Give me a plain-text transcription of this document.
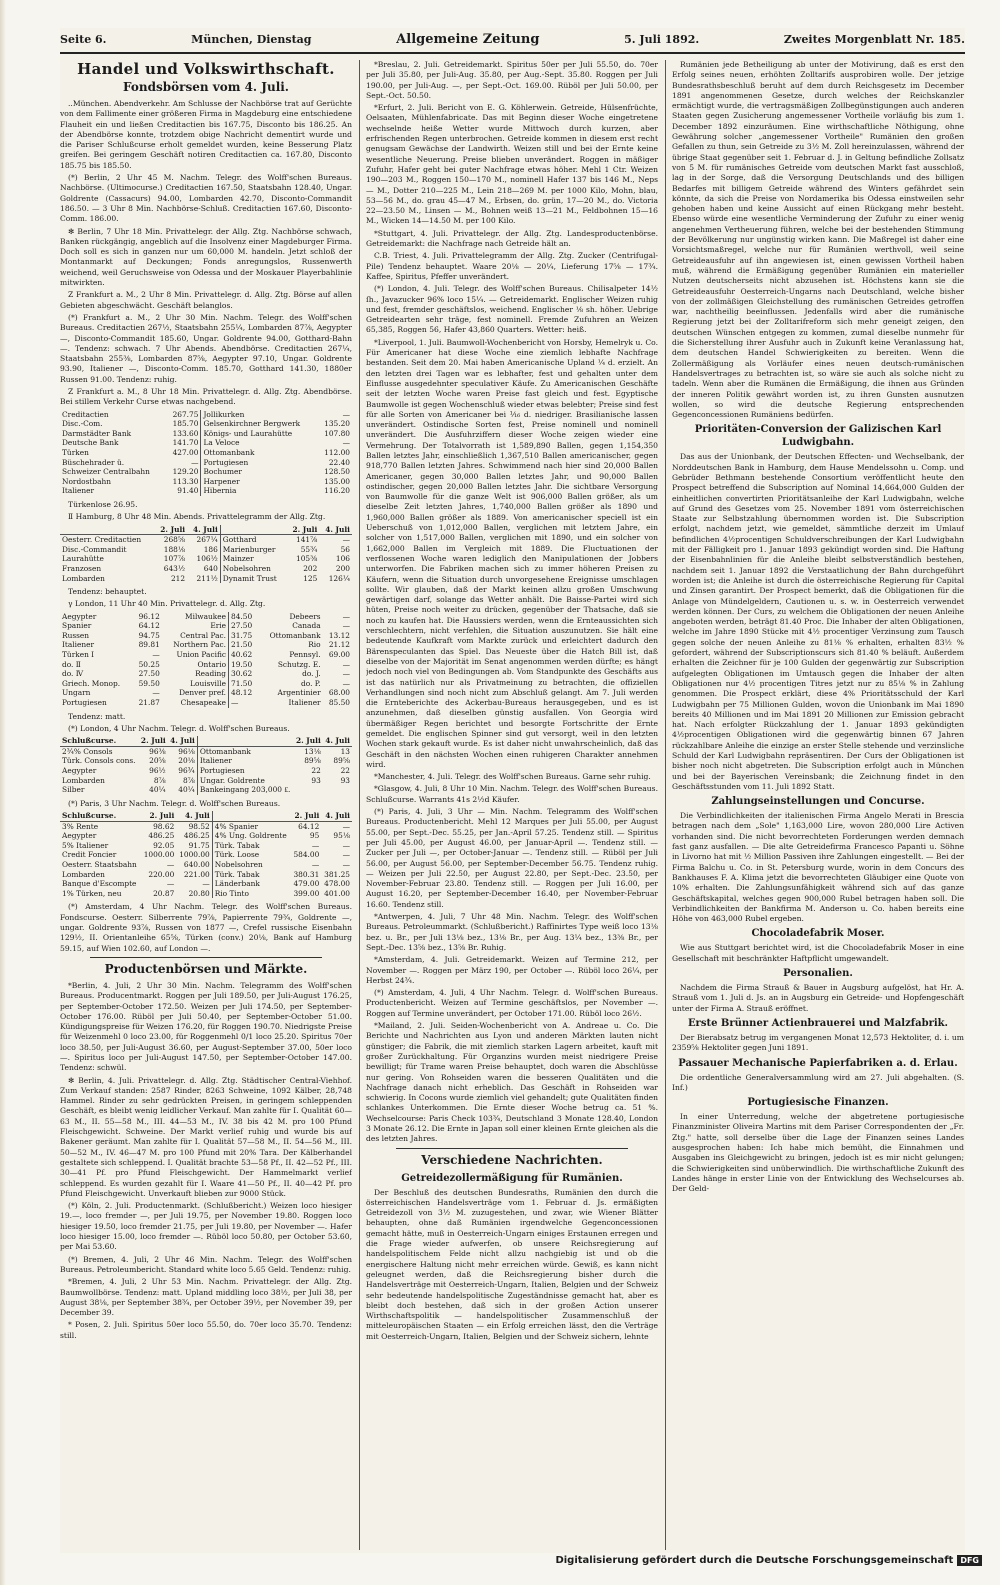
Seite 6.	München, Dienstag	Allgemeine Zeitung	5. Juli 1892.	Zweites Morgenblatt Nr. 185.
Handel und Volkswirthschaft.
Fondsbörsen vom 4. Juli.

..München. Abendverkehr. Am Schlusse der Nachbörse trat auf Gerüchte von dem Fallimente einer größeren Firma in Magdeburg eine entschiedene Flauheit ein und ließen Creditactien bis 167.75, Disconto bis 186.25. An der Abendbörse konnte, trotzdem obige Nachricht dementirt wurde und die Pariser Schlußcurse erholt gemeldet wurden, keine Besserung Platz greifen. Bei geringem Geschäft notiren Creditactien ca. 167.80, Disconto 185.75 bis 185.50.

(*) Berlin, 2 Uhr 45 M. Nachm. Telegr. des Wolff'schen Bureaus. Nachbörse. (Ultimocurse.) Creditactien 167.50, Staatsbahn 128.40, Ungar. Goldrente (Cassacurs) 94.00, Lombarden 42.70, Disconto-Commandit 186.50. — 3 Uhr 8 Min. Nachbörse-Schluß. Creditactien 167.60, Disconto-Comm. 186.00.

✻ Berlin, 7 Uhr 18 Min. Privattelegr. der Allg. Ztg. Nachbörse schwach, Banken rückgängig, angeblich auf die Insolvenz einer Magdeburger Firma. Doch soll es sich in ganzen nur um 60,000 M. handeln. Jetzt schloß der Montanmarkt auf Deckungen; Fonds anregungslos, Russenwerth weichend, weil Geruchsweise von Odessa und der Moskauer Playerbahlinie mitwirkten.

Z Frankfurt a. M., 2 Uhr 8 Min. Privattelegr. d. Allg. Ztg. Börse auf allen Gebieten abgeschwächt. Geschäft belanglos.

(*) Frankfurt a. M., 2 Uhr 30 Min. Nachm. Telegr. des Wolff'schen Bureaus. Creditactien 267½, Staatsbahn 255¼, Lombarden 87⅞, Aegypter —, Disconto-Commandit 185.60, Ungar. Goldrente 94.00, Gotthard-Bahn —. Tendenz: schwach. 7 Uhr Abends. Abendbörse. Creditactien 267¼, Staatsbahn 255⅜, Lombarden 87⅝, Aegypter 97.10, Ungar. Goldrente 93.90, Italiener —, Disconto-Comm. 185.70, Gotthard 141.30, 1880er Russen 91.00. Tendenz: ruhig.

Z Frankfurt a. M., 8 Uhr 18 Min. Privattelegr. d. Allg. Ztg. Abendbörse. Bei stillem Verkehr Curse etwas nachgebend.

Creditactien	267.75	Jollikurken	—
Disc.-Com.	185.70	Gelsenkirchner Bergwerk	135.20
Darmstädter Bank	133.60	Königs- und Laurahütte	107.80
Deutsche Bank	141.70	La Veloce	—
Türken	427.00	Ottomanbank	112.00
Büschehrader ü.	—	Portugiesen	22.40
Schweizer Centralbahn	129.20	Bochumer	128.50
Nordostbahn	113.30	Harpener	135.00
Italiener	91.40	Hibernia	116.20

Türkenlose 26.95.

Ⅱ Hamburg, 8 Uhr 48 Min. Abends. Privattelegramm der Allg. Ztg.

	2. Juli	4. Juli		2. Juli	4. Juli
Oesterr. Creditactien	268⅝	267¼	Gotthard	141⅞	—
Disc.-Commandit	188⅛	186	Marienburger	55¾	56
Laurahütte	107⅞	106½	Mainzer	105⅜	106
Franzosen	643½	640	Nobelsohren	202	200
Lombarden	212	211½	Dynamit Trust	125	126¼

Tendenz: behauptet.

γ London, 11 Uhr 40 Min. Privattelegr. d. Allg. Ztg.

Aegypter	96.12	Milwaukee	84.50	Debeers	—
Spanier	64.12	Erie	27.50	Canada	—
Russen	94.75	Central Pac.	31.75	Ottomanbank	13.12
Italiener	89.81	Northern Pac.	21.50	Rio	21.12
Türken Ⅰ	—	Union Pacific	40.62	Pennsyl.	69.00
do. Ⅱ	50.25	Ontario	19.50	Schutzg. E.	—
do. Ⅳ	27.50	Reading	30.62	do. J.	—
Griech. Monop.	59.50	Louisville	71.50	do. P.	—
Ungarn	—	Denver pref.	48.12	Argentinier	68.00
Portugiesen	21.87	Chesapeake	—	Italiener	85.50

Tendenz: matt.

(*) London, 4 Uhr Nachm. Telegr. d. Wolff'schen Bureaus.

Schlußcurse.	2. Juli	4. Juli		2. Juli	4. Juli
2¾% Consols	96⅜	96⅛	Ottomanbank	13⅛	13
Türk. Consols cons.	20⅝	20⅛	Italiener	89⅝	89⅝
Aegypter	96½	96¾	Portugiesen	22	22
Lombarden	8⅞	8⅞	Ungar. Goldrente	93	93
Silber	40¼	40¼	Bankeingang 203,000 ₤.		

(*) Paris, 3 Uhr Nachm. Telegr. d. Wolff'schen Bureaus.

Schlußcurse.	2. Juli	4. Juli		2. Juli	4. Juli
3% Rente	98.62	98.52	4% Spanier	64.12	—
Aegypter	486.25	486.25	4% Ung. Goldrente	95	95⅛
5% Italiener	92.05	91.75	Türk. Tabak	—	—
Credit Foncier	1000.00	1000.00	Türk. Loose	584.00	—
Oesterr. Staatsbahn	—	640.00	Nobelsohren	—	—
Lombarden	220.00	221.00	Türk. Tabak	380.31	381.25
Banque d'Escompte	—	—	Länderbank	479.00	478.00
1% Türken, neu	20.87	20.80	Rio Tinto	399.00	401.00

(*) Amsterdam, 4 Uhr Nachm. Telegr. des Wolff'schen Bureaus. Fondscurse. Oesterr. Silberrente 79⅞, Papierrente 79¾, Goldrente —, ungar. Goldrente 93⅞, Russen von 1877 —, Crefel russische Eisenbahn 129½, II. Orientanleihe 65⅝, Türken (conv.) 20⅛, Bank auf Hamburg 59.15, auf Wien 102.60, auf London —.

Productenbörsen und Märkte.

*Berlin, 4. Juli, 2 Uhr 30 Min. Nachm. Telegramm des Wolff'schen Bureaus. Producentmarkt. Roggen per Juli 189.50, per Juli-August 176.25, per September-October 172.50. Weizen per Juli 174.50, per September-October 176.00. Rüböl per Juli 50.40, per September-October 51.00. Kündigungspreise für Weizen 176.20, für Roggen 190.70. Niedrigste Preise für Weizenmehl 0 loco 23.00, für Roggenmehl 0/1 loco 25.20. Spiritus 70er loco 38.50, per Juli-August 36.60, per August-September 37.00, 50er loco —. Spiritus loco per Juli-August 147.50, per September-October 147.00. Tendenz: schwül.

✻ Berlin, 4. Juli. Privattelegr. d. Allg. Ztg. Städtischer Central-Viehhof. Zum Verkauf standen: 2587 Rinder, 8263 Schweine, 1092 Kälber, 28,748 Hammel. Rinder zu sehr gedrückten Preisen, in geringem schleppenden Geschäft, es bleibt wenig leidlicher Verkauf. Man zahlte für I. Qualität 60—63 M., II. 55—58 M., III. 44—53 M., IV. 38 bis 42 M. pro 100 Pfund Fleischgewicht. Schweine. Der Markt verlief ruhig und wurde bis auf Bakener geräumt. Man zahlte für I. Qualität 57—58 M., II. 54—56 M., III. 50—52 M., IV. 46—47 M. pro 100 Pfund mit 20% Tara. Der Kälberhandel gestaltete sich schleppend. I. Qualität brachte 53—58 Pf., II. 42—52 Pf., III. 30—41 Pf. pro Pfund Fleischgewicht. Der Hammelmarkt verlief schleppend. Es wurden gezahlt für I. Waare 41—50 Pf., II. 40—42 Pf. pro Pfund Fleischgewicht. Unverkauft blieben zur 9000 Stück.

(*) Köln, 2. Juli. Productenmarkt. (Schlußbericht.) Weizen loco hiesiger 19.—, loco fremder —, per Juli 19.75, per November 19.80. Roggen loco hiesiger 19.50, loco fremder 21.75, per Juli 19.80, per November —. Hafer loco hiesiger 15.00, loco fremder —. Rüböl loco 50.80, per October 53.60, per Mai 53.60.

(*) Bremen, 4. Juli, 2 Uhr 46 Min. Nachm. Telegr. des Wolff'schen Bureaus. Petroleumbericht. Standard white loco 5.65 Geld. Tendenz: ruhig.

*Bremen, 4. Juli, 2 Uhr 53 Min. Nachm. Privattelegr. der Allg. Ztg. Baumwollbörse. Tendenz: matt. Upland middling loco 38½, per Juli 38, per August 38⅛, per September 38¾, per October 39½, per November 39, per December 39.

* Posen, 2. Juli. Spiritus 50er loco 55.50, do. 70er loco 35.70. Tendenz: still.

*Breslau, 2. Juli. Getreidemarkt. Spiritus 50er per Juli 55.50, do. 70er per Juli 35.80, per Juli-Aug. 35.80, per Aug.-Sept. 35.80. Roggen per Juli 190.00, per Juli-Aug. —, per Sept.-Oct. 169.00. Rüböl per Juli 50.00, per Sept.-Oct. 50.50.

*Erfurt, 2. Juli. Bericht von E. G. Köhlerwein. Getreide, Hülsenfrüchte, Oelsaaten, Mühlenfabricate. Das mit Beginn dieser Woche eingetretene wechselnde heiße Wetter wurde Mittwoch durch kurzen, aber erfrischenden Regen unterbrochen. Getreide kommen in diesem erst recht genugsam Gewächse der Landwirth. Weizen still und bei der Ernte keine wesentliche Neuerung. Preise blieben unverändert. Roggen in mäßiger Zufuhr, Hafer geht bei guter Nachfrage etwas höher. Mehl 1 Ctr. Weizen 190—203 M., Roggen 150—170 M., nominell Hafer 137 bis 146 M., Neps — M., Dotter 210—225 M., Lein 218—269 M. per 1000 Kilo, Mohn, blau, 53—56 M., do. grau 45—47 M., Erbsen, do. grün, 17—20 M., do. Victoria 22—23.50 M., Linsen — M., Bohnen weiß 13—21 M., Feldbohnen 15—16 M., Wicken 14—14.50 M. per 100 Kilo.

*Stuttgart, 4. Juli. Privattelegr. der Allg. Ztg. Landesproductenbörse. Getreidemarkt: die Nachfrage nach Getreide hält an.

C.B. Triest, 4. Juli. Privattelegramm der Allg. Ztg. Zucker (Centrifugal-Pile) Tendenz behauptet. Waare 20⅛ — 20¼, Lieferung 17⅝ — 17¾. Kaffee, Spiritus, Pfeffer unverändert.

(*) London, 4. Juli. Telegr. des Wolff'schen Bureaus. Chilisalpeter 14½ ſh., Javazucker 96% loco 15¼. — Getreidemarkt. Englischer Weizen ruhig und fest, fremder geschäftslos, weichend. Englischer ⅛ sh. höher. Uebrige Getreidearten sehr träge, fest nominell. Fremde Zufuhren an Weizen 65,385, Roggen 56, Hafer 43,860 Quarters. Wetter: heiß.

*Liverpool, 1. Juli. Baumwoll-Wochenbericht von Horsby, Hemelryk u. Co. Für Americaner hat diese Woche eine ziemlich lebhafte Nachfrage bestanden. Seit dem 20. Mai haben Americanische Upland ¼ d. erzielt. An den letzten drei Tagen war es lebhafter, fest und gehalten unter dem Einflusse ausgedehnter speculativer Käufe. Zu Americanischen Geschäfte seit der letzten Woche waren Preise fast gleich und fest. Egyptische Baumwolle ist gegen Wochenschluß wieder etwas belebter; Preise sind fest für alle Sorten von Americaner bei ¹⁄₁₆ d. niedriger. Brasilianische lassen unverändert. Ostindische Sorten fest, Preise nominell und nominell unverändert. Die Ausfuhrziffern dieser Woche zeigen wieder eine Vermehrung. Der Totalvorrath ist 1,589,890 Ballen, gegen 1,154,350 Ballen letztes Jahr, einschließlich 1,367,510 Ballen americanischer, gegen 918,770 Ballen letzten Jahres. Schwimmend nach hier sind 20,000 Ballen Americaner, gegen 30,000 Ballen letztes Jahr, und 90,000 Ballen ostindischer, gegen 20,000 Ballen letztes Jahr. Die sichtbare Versorgung von Baumwolle für die ganze Welt ist 906,000 Ballen größer, als um dieselbe Zeit letzten Jahres, 1,740,000 Ballen größer als 1890 und 1,960,000 Ballen größer als 1889. Von americanischer speciell ist ein Ueberschuß von 1,012,000 Ballen, verglichen mit letztem Jahre, ein solcher von 1,517,000 Ballen, verglichen mit 1890, und ein solcher von 1,662,000 Ballen im Vergleich mit 1889. Die Fluctuationen der verflossenen Woche waren lediglich den Manipulationen der Jobbers unterworfen. Die Fabriken machen sich zu immer höheren Preisen zu Käufern, wenn die Situation durch unvorgesehene Ereignisse umschlagen sollte. Wir glauben, daß der Markt keinen allzu großen Umschwung gewärtigen darf, solange das Wetter anhält. Die Baisse-Partei wird sich hüten, Preise noch weiter zu drücken, gegenüber der Thatsache, daß sie noch zu kaufen hat. Die Haussiers werden, wenn die Ernteaussichten sich verschlechtern, nicht verfehlen, die Situation auszunutzen. Sie hält eine bedeutende Kaufkraft vom Markte zurück und erleichtert dadurch den Bärenspeculanten das Spiel. Das Neueste über die Hatch Bill ist, daß dieselbe von der Majorität im Senat angenommen werden dürfte; es hängt jedoch noch viel von Bedingungen ab. Vom Standpunkte des Geschäfts aus ist das natürlich nur als Privatmeinung zu betrachten, die offiziellen Verhandlungen sind noch nicht zum Abschluß gelangt. Am 7. Juli werden die Ernteberichte des Ackerbau-Bureaus herausgegeben, und es ist anzunehmen, daß dieselben günstig ausfallen. Von Georgia wird übermäßiger Regen berichtet und besorgte Fortschritte der Ernte gemeldet. Die englischen Spinner sind gut versorgt, weil in den letzten Wochen stark gekauft wurde. Es ist daher nicht unwahrscheinlich, daß das Geschäft in den nächsten Wochen einen ruhigeren Charakter annehmen wird.

*Manchester, 4. Juli. Telegr. des Wolff'schen Bureaus. Garne sehr ruhig.

*Glasgow, 4. Juli, 8 Uhr 10 Min. Nachm. Telegr. des Wolff'schen Bureaus. Schlußcurse. Warrants 41s 2½d Käufer.

(*) Paris, 4. Juli, 3 Uhr — Min. Nachm. Telegramm des Wolff'schen Bureaus. Productenbericht. Mehl 12 Marques per Juli 55.00, per August 55.00, per Sept.-Dec. 55.25, per Jan.-April 57.25. Tendenz still. — Spiritus per Juli 45.00, per August 46.00, per Januar-April —. Tendenz still. — Zucker per Juli —, per October-Januar —. Tendenz still. — Rüböl per Juli 56.00, per August 56.00, per September-December 56.75. Tendenz ruhig. — Weizen per Juli 22.50, per August 22.80, per Sept.-Dec. 23.50, per November-Februar 23.80. Tendenz still. — Roggen per Juli 16.00, per August 16.20, per September-December 16.40, per November-Februar 16.60. Tendenz still.

*Antwerpen, 4. Juli, 7 Uhr 48 Min. Nachm. Telegr. des Wolff'schen Bureaus. Petroleummarkt. (Schlußbericht.) Raffinirtes Type weiß loco 13⅛ bez. u. Br., per Juli 13⅛ bez., 13⅛ Br., per Aug. 13¼ bez., 13⅜ Br., per Sept.-Dec. 13⅝ bez., 13⅝ Br. Ruhig.

*Amsterdam, 4. Juli. Getreidemarkt. Weizen auf Termine 212, per November —. Roggen per März 190, per October —. Rüböl loco 26¼, per Herbst 24¾.

(*) Amsterdam, 4. Juli, 4 Uhr Nachm. Telegr. d. Wolff'schen Bureaus. Productenbericht. Weizen auf Termine geschäftslos, per November —. Roggen auf Termine unverändert, per October 171.00. Rüböl loco 26½.

*Mailand, 2. Juli. Seiden-Wochenbericht von A. Andreae u. Co. Die Berichte und Nachrichten aus Lyon und anderen Märkten lauten nicht günstiger; die Fabrik, die mit ziemlich starken Lagern arbeitet, kauft mit großer Zurückhaltung. Für Organzins wurden meist niedrigere Preise bewilligt; für Trame waren Preise behauptet, doch waren die Abschlüsse nur gering. Von Rohseiden waren die besseren Qualitäten und die Nachfrage danach nicht erheblich. Das Geschäft in Rohseiden war schwierig. In Cocons wurde ziemlich viel gehandelt; gute Qualitäten finden schlankes Unterkommen. Die Ernte dieser Woche betrug ca. 51 %. Wechselcourse: Paris Check 103¾, Deutschland 3 Monate 128.40, London 3 Monate 26.12. Die Ernte in Japan soll einer kleinen Ernte gleichen als die des letzten Jahres.

Verschiedene Nachrichten.
Getreidezollermäßigung für Rumänien.

Der Beschluß des deutschen Bundesraths, Rumänien den durch die österreichischen Handelsverträge vom 1. Februar d. Js. ermäßigten Getreidezoll von 3½ M. zuzugestehen, und zwar, wie Wiener Blätter behaupten, ohne daß Rumänien irgendwelche Gegenconcessionen gemacht hätte, muß in Oesterreich-Ungarn einiges Erstaunen erregen und die Frage wieder aufwerfen, ob unsere Reichsregierung auf handelspolitischem Felde nicht allzu nachgiebig ist und ob die energischere Haltung nicht mehr erreichen würde. Gewiß, es kann nicht geleugnet werden, daß die Reichsregierung bisher durch die Handelsverträge mit Oesterreich-Ungarn, Italien, Belgien und der Schweiz sehr bedeutende handelspolitische Zugeständnisse gemacht hat, aber es bleibt doch bestehen, daß sich in der großen Action unserer Wirthschaftspolitik — handelspolitischer Zusammenschluß der mitteleuropäischen Staaten — ein Erfolg erreichen lässt, den die Verträge mit Oesterreich-Ungarn, Italien, Belgien und der Schweiz sichern, lehnte

Rumänien jede Betheiligung ab unter der Motivirung, daß es erst den Erfolg seines neuen, erhöhten Zolltarifs ausprobiren wolle. Der jetzige Bundesrathsbeschluß beruht auf dem durch Reichsgesetz im December 1891 angenommenen Gesetze, durch welches der Reichskanzler ermächtigt wurde, die vertragsmäßigen Zollbegünstigungen auch anderen Staaten gegen Zusicherung angemessener Vortheile vorläufig bis zum 1. December 1892 einzuräumen. Eine wirthschaftliche Nöthigung, ohne Gewährung solcher „angemessener Vortheile" Rumänien den großen Gefallen zu thun, sein Getreide zu 3½ M. Zoll hereinzulassen, während der übrige Staat gegenüber seit 1. Februar d. J. in Geltung befindliche Zollsatz von 5 M. für rumänisches Getreide vom deutschen Markt fast ausschloß, lag in der Sorge, daß die Versorgung Deutschlands und des billigen Bedarfes mit billigem Getreide während des Winters gefährdet sein könnte, da sich die Preise von Nordamerika bis Odessa einstweilen sehr gehoben haben und keine Aussicht auf einen Rückgang mehr besteht. Ebenso würde eine wesentliche Verminderung der Zufuhr zu einer wenig angenehmen Vertheuerung führen, welche bei der bestehenden Stimmung der Bevölkerung nur ungünstig wirken kann. Die Maßregel ist daher eine Vorsichtsmaßregel, welche nur für Rumänien werthvoll, weil seine Getreideausfuhr auf ihn angewiesen ist, einen gewissen Vortheil haben muß, während die Ermäßigung gegenüber Rumänien ein materieller Nutzen deutscherseits nicht abzusehen ist. Höchstens kann sie die Getreideausfuhr Oesterreich-Ungarns nach Deutschland, welche bisher von der zollmäßigen Gleichstellung des rumänischen Getreides getroffen war, nachtheilig beeinflussen. Jedenfalls wird aber die rumänische Regierung jetzt bei der Zolltarifreform sich mehr geneigt zeigen, den deutschen Wünschen entgegen zu kommen, zumal dieselbe nunmehr für die Sicherstellung ihrer Ausfuhr auch in Zukunft keine Veranlassung hat, dem deutschen Handel Schwierigkeiten zu bereiten. Wenn die Zollermäßigung als Vorläufer eines neuen deutsch-rumänischen Handelsvertrages zu betrachten ist, so wäre sie auch als solche nicht zu tadeln. Wenn aber die Rumänen die Ermäßigung, die ihnen aus Gründen der inneren Politik gewährt worden ist, zu ihren Gunsten ausnutzen wollen, so wird die deutsche Regierung entsprechenden Gegenconcessionen Rumäniens bedürfen.

Prioritäten-Conversion der Galizischen Karl Ludwigbahn.

Das aus der Unionbank, der Deutschen Effecten- und Wechselbank, der Norddeutschen Bank in Hamburg, dem Hause Mendelssohn u. Comp. und Gebrüder Bethmann bestehende Consortium veröffentlicht heute den Prospect betreffend die Subscription auf Nominal 14,664,000 Gulden der einheitlichen convertirten Prioritätsanleihe der Karl Ludwigbahn, welche auf Grund des Gesetzes vom 25. November 1891 vom österreichischen Staate zur Selbstzahlung übernommen worden ist. Die Subscription erfolgt, nachdem jetzt, wie gemeldet, sämmtliche derzeit im Umlauf befindlichen 4½procentigen Schuldverschreibungen der Karl Ludwigbahn mit der Fälligkeit pro 1. Januar 1893 gekündigt worden sind. Die Haftung der Eisenbahnlinien für die Anleihe bleibt selbstverständlich bestehen, nachdem seit 1. Januar 1892 die Verstaatlichung der Bahn durchgeführt worden ist; die Anleihe ist durch die österreichische Regierung für Capital und Zinsen garantirt. Der Prospect bemerkt, daß die Obligationen für die Anlage von Mündelgeldern, Cautionen u. s. w. in Oesterreich verwendet werden können. Der Curs, zu welchem die Obligationen der neuen Anleihe angeboten werden, beträgt 81.40 Proc. Die Inhaber der alten Obligationen, welche im Jahre 1890 Stücke mit 4½ procentiger Verzinsung zum Tausch gegen solche der neuen Anleihe zu 81⅛ % erhalten, erhalten 83½ % gefordert, während der Subscriptionscurs sich 81.40 % beläuft. Außerdem erhalten die Zeichner für je 100 Gulden der gegenwärtig zur Subscription aufgelegten Obligationen im Umtausch gegen die Inhaber der alten Obligationen nur 4½ procentigen Titres jetzt nur zu 85⅛ % in Zahlung genommen. Die Prospect erklärt, diese 4% Prioritätsschuld der Karl Ludwigbahn per 75 Millionen Gulden, wovon die Unionbank im Mai 1890 bereits 40 Millionen und im Mai 1891 20 Millionen zur Emission gebracht hat. Nach erfolgter Rückzahlung der 1. Januar 1893 gekündigten 4½procentigen Obligationen wird die gegenwärtig binnen 67 Jahren rückzahlbare Anleihe die einzige an erster Stelle stehende und verzinsliche Schuld der Karl Ludwigbahn repräsentiren. Der Curs der Obligationen ist bisher noch nicht abgetreten. Die Subscription erfolgt auch in München und bei der Bayerischen Vereinsbank; die Zeichnung findet in den Geschäftsstunden vom 11. Juli 1892 Statt.

Zahlungseinstellungen und Concurse.

Die Verbindlichkeiten der italienischen Firma Angelo Merati in Brescia betragen nach dem „Sole" 1,163,000 Lire, wovon 280,000 Lire Activen vorhanden sind. Die nicht bevorrechteten Forderungen werden demnach fast ganz ausfallen. — Die alte Getreidefirma Francesco Papanti u. Söhne in Livorno hat mit ½ Million Passiven ihre Zahlungen eingestellt. — Bei der Firma Balchu u. Co. in St. Petersburg wurde, worin in dem Concurs des Bankhauses F. A. Klima jetzt die bevorrechteten Gläubiger eine Quote von 10% erhalten. Die Zahlungsunfähigkeit während sich auf das ganze Geschäftskapital, welches gegen 900,000 Rubel betragen haben soll. Die Verbindlichkeiten der Bankfirma M. Anderson u. Co. haben bereits eine Höhe von 463,000 Rubel ergeben.

Chocoladefabrik Moser.

Wie aus Stuttgart berichtet wird, ist die Chocoladefabrik Moser in eine Gesellschaft mit beschränkter Haftpflicht umgewandelt.

Personalien.

Nachdem die Firma Strauß & Bauer in Augsburg aufgelöst, hat Hr. A. Strauß vom 1. Juli d. Js. an in Augsburg ein Getreide- und Hopfengeschäft unter der Firma A. Strauß eröffnet.

Erste Brünner Actienbrauerei und Malzfabrik.

Der Bierabsatz betrug im vergangenen Monat 12,573 Hektoliter, d. i. um 2359⅝ Hektoliter gegen Juni 1891.

Passauer Mechanische Papierfabriken a. d. Erlau.

Die ordentliche Generalversammlung wird am 27. Juli abgehalten. (S. Inf.)

Portugiesische Finanzen.

In einer Unterredung, welche der abgetretene portugiesische Finanzminister Oliveira Martins mit dem Pariser Correspondenten der „Fr. Ztg." hatte, soll derselbe über die Lage der Finanzen seines Landes ausgesprochen haben: Ich habe mich bemüht, die Einnahmen und Ausgaben ins Gleichgewicht zu bringen, jedoch ist es mir nicht gelungen; die Schwierigkeiten sind unüberwindlich. Die wirthschaftliche Zukunft des Landes hänge in erster Linie von der Entwicklung des Wechselcurses ab. Der Geld-

Digitalisierung gefördert durch die Deutsche Forschungsgemeinschaft DFG
